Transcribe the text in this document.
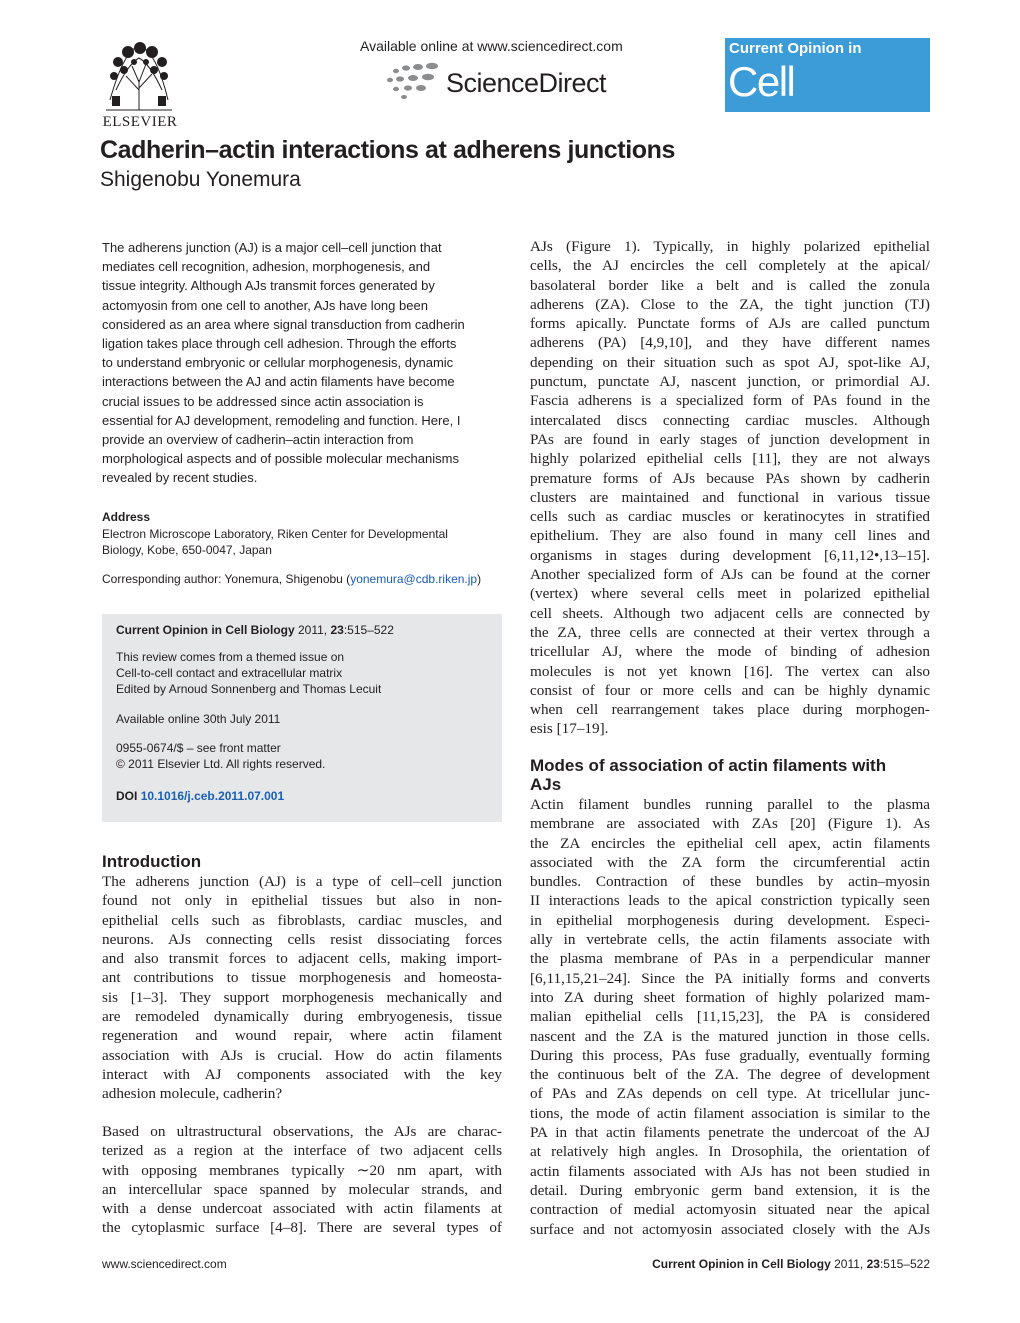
ELSEVIER
Available online at www.sciencedirect.com
ScienceDirect
Current Opinion in
Cell Biology
Cadherin–actin interactions at adherens junctions
Shigenobu Yonemura
The adherens junction (AJ) is a major cell–cell junction that
mediates cell recognition, adhesion, morphogenesis, and
tissue integrity. Although AJs transmit forces generated by
actomyosin from one cell to another, AJs have long been
considered as an area where signal transduction from cadherin
ligation takes place through cell adhesion. Through the efforts
to understand embryonic or cellular morphogenesis, dynamic
interactions between the AJ and actin filaments have become
crucial issues to be addressed since actin association is
essential for AJ development, remodeling and function. Here, I
provide an overview of cadherin–actin interaction from
morphological aspects and of possible molecular mechanisms
revealed by recent studies.
Address
Electron Microscope Laboratory, Riken Center for Developmental
Biology, Kobe, 650-0047, Japan
Corresponding author: Yonemura, Shigenobu (yonemura@cdb.riken.jp)
Current Opinion in Cell Biology 2011, 23:515–522
This review comes from a themed issue on
Cell-to-cell contact and extracellular matrix
Edited by Arnoud Sonnenberg and Thomas Lecuit
Available online 30th July 2011
0955-0674/$ – see front matter
© 2011 Elsevier Ltd. All rights reserved.
DOI 10.1016/j.ceb.2011.07.001
Introduction
The adherens junction (AJ) is a type of cell–cell junction
found not only in epithelial tissues but also in non-
epithelial cells such as fibroblasts, cardiac muscles, and
neurons. AJs connecting cells resist dissociating forces
and also transmit forces to adjacent cells, making import-
ant contributions to tissue morphogenesis and homeosta-
sis [1–3]. They support morphogenesis mechanically and
are remodeled dynamically during embryogenesis, tissue
regeneration and wound repair, where actin filament
association with AJs is crucial. How do actin filaments
interact with AJ components associated with the key
adhesion molecule, cadherin?
Based on ultrastructural observations, the AJs are charac-
terized as a region at the interface of two adjacent cells
with opposing membranes typically ∼20 nm apart, with
an intercellular space spanned by molecular strands, and
with a dense undercoat associated with actin filaments at
the cytoplasmic surface [4–8]. There are several types of
AJs (Figure 1). Typically, in highly polarized epithelial
cells, the AJ encircles the cell completely at the apical/
basolateral border like a belt and is called the zonula
adherens (ZA). Close to the ZA, the tight junction (TJ)
forms apically. Punctate forms of AJs are called punctum
adherens (PA) [4,9,10], and they have different names
depending on their situation such as spot AJ, spot-like AJ,
punctum, punctate AJ, nascent junction, or primordial AJ.
Fascia adherens is a specialized form of PAs found in the
intercalated discs connecting cardiac muscles. Although
PAs are found in early stages of junction development in
highly polarized epithelial cells [11], they are not always
premature forms of AJs because PAs shown by cadherin
clusters are maintained and functional in various tissue
cells such as cardiac muscles or keratinocytes in stratified
epithelium. They are also found in many cell lines and
organisms in stages during development [6,11,12•,13–15].
Another specialized form of AJs can be found at the corner
(vertex) where several cells meet in polarized epithelial
cell sheets. Although two adjacent cells are connected by
the ZA, three cells are connected at their vertex through a
tricellular AJ, where the mode of binding of adhesion
molecules is not yet known [16]. The vertex can also
consist of four or more cells and can be highly dynamic
when cell rearrangement takes place during morphogen-
esis [17–19].
Modes of association of actin filaments with
AJs
Actin filament bundles running parallel to the plasma
membrane are associated with ZAs [20] (Figure 1). As
the ZA encircles the epithelial cell apex, actin filaments
associated with the ZA form the circumferential actin
bundles. Contraction of these bundles by actin–myosin
II interactions leads to the apical constriction typically seen
in epithelial morphogenesis during development. Especi-
ally in vertebrate cells, the actin filaments associate with
the plasma membrane of PAs in a perpendicular manner
[6,11,15,21–24]. Since the PA initially forms and converts
into ZA during sheet formation of highly polarized mam-
malian epithelial cells [11,15,23], the PA is considered
nascent and the ZA is the matured junction in those cells.
During this process, PAs fuse gradually, eventually forming
the continuous belt of the ZA. The degree of development
of PAs and ZAs depends on cell type. At tricellular junc-
tions, the mode of actin filament association is similar to the
PA in that actin filaments penetrate the undercoat of the AJ
at relatively high angles. In Drosophila, the orientation of
actin filaments associated with AJs has not been studied in
detail. During embryonic germ band extension, it is the
contraction of medial actomyosin situated near the apical
surface and not actomyosin associated closely with the AJs
www.sciencedirect.com	Current Opinion in Cell Biology 2011, 23:515–522
